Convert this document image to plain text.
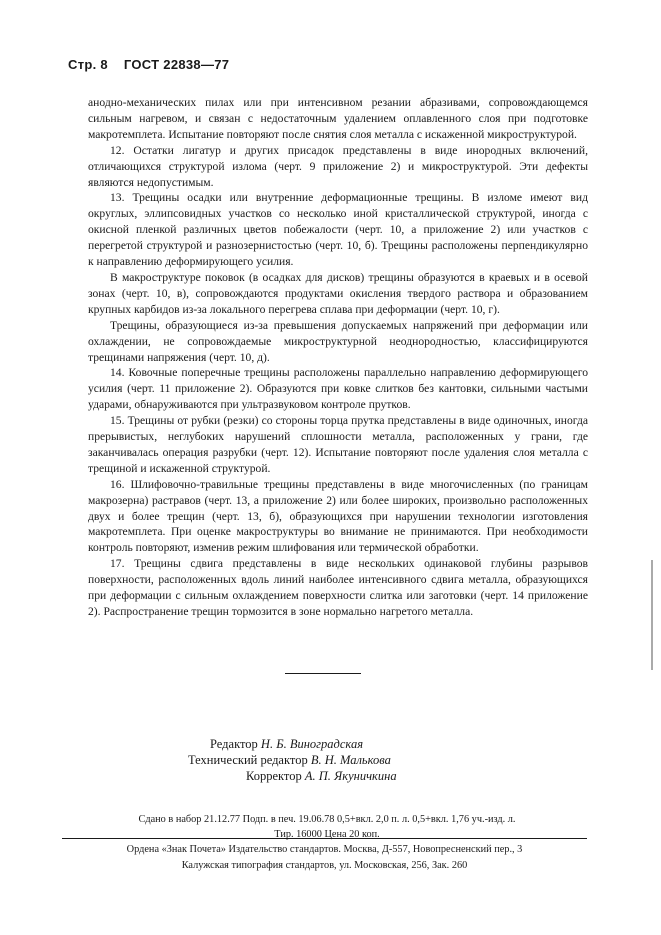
Стр. 8 ГОСТ 22838—77

анодно-механических пилах или при интенсивном резании абразивами, сопровождающемся сильным нагревом, и связан с недостаточным удалением оплавленного слоя при подготовке макротемплета. Испытание повторяют после снятия слоя металла с искаженной микроструктурой.

12. Остатки лигатур и других присадок представлены в виде инородных включений, отличающихся структурой излома (черт. 9 приложение 2) и микроструктурой. Эти дефекты являются недопустимым.

13. Трещины осадки или внутренние деформационные трещины. В изломе имеют вид округлых, эллипсовидных участков со несколько иной кристаллической структурой, иногда с окисной пленкой различных цветов побежалости (черт. 10, а приложение 2) или участков с перегретой структурой и разнозернистостью (черт. 10, б). Трещины расположены перпендикулярно к направлению деформирующего усилия.

В макроструктуре поковок (в осадках для дисков) трещины образуются в краевых и в осевой зонах (черт. 10, в), сопровождаются продуктами окисления твердого раствора и образованием крупных карбидов из-за локального перегрева сплава при деформации (черт. 10, г).

Трещины, образующиеся из-за превышения допускаемых напряжений при деформации или охлаждении, не сопровождаемые микроструктурной неоднородностью, классифицируются трещинами напряжения (черт. 10, д).

14. Ковочные поперечные трещины расположены параллельно направлению деформирующего усилия (черт. 11 приложение 2). Образуются при ковке слитков без кантовки, сильными частыми ударами, обнаруживаются при ультразвуковом контроле прутков.

15. Трещины от рубки (резки) со стороны торца прутка представлены в виде одиночных, иногда прерывистых, неглубоких нарушений сплошности металла, расположенных у грани, где заканчивалась операция разрубки (черт. 12). Испытание повторяют после удаления слоя металла с трещиной и искаженной структурой.

16. Шлифовочно-травильные трещины представлены в виде многочисленных (по границам макрозерна) растравов (черт. 13, а приложение 2) или более широких, произвольно расположенных двух и более трещин (черт. 13, б), образующихся при нарушении технологии изготовления макротемплета. При оценке макроструктуры во внимание не принимаются. При необходимости контроль повторяют, изменив режим шлифования или термической обработки.

17. Трещины сдвига представлены в виде нескольких одинаковой глубины разрывов поверхности, расположенных вдоль линий наиболее интенсивного сдвига металла, образующихся при деформации с сильным охлаждением поверхности слитка или заготовки (черт. 14 приложение 2). Распространение трещин тормозится в зоне нормально нагретого металла.

Редактор Н. Б. Виноградская
Технический редактор В. Н. Малькова
Корректор А. П. Якуничкина
Сдано в набор 21.12.77 Подп. в печ. 19.06.78 0,5+вкл. 2,0 п. л. 0,5+вкл. 1,76 уч.-изд. л.
Тир. 16000 Цена 20 коп.
Ордена «Знак Почета» Издательство стандартов. Москва, Д-557, Новопресненский пер., 3
Калужская типография стандартов, ул. Московская, 256, Зак. 260
